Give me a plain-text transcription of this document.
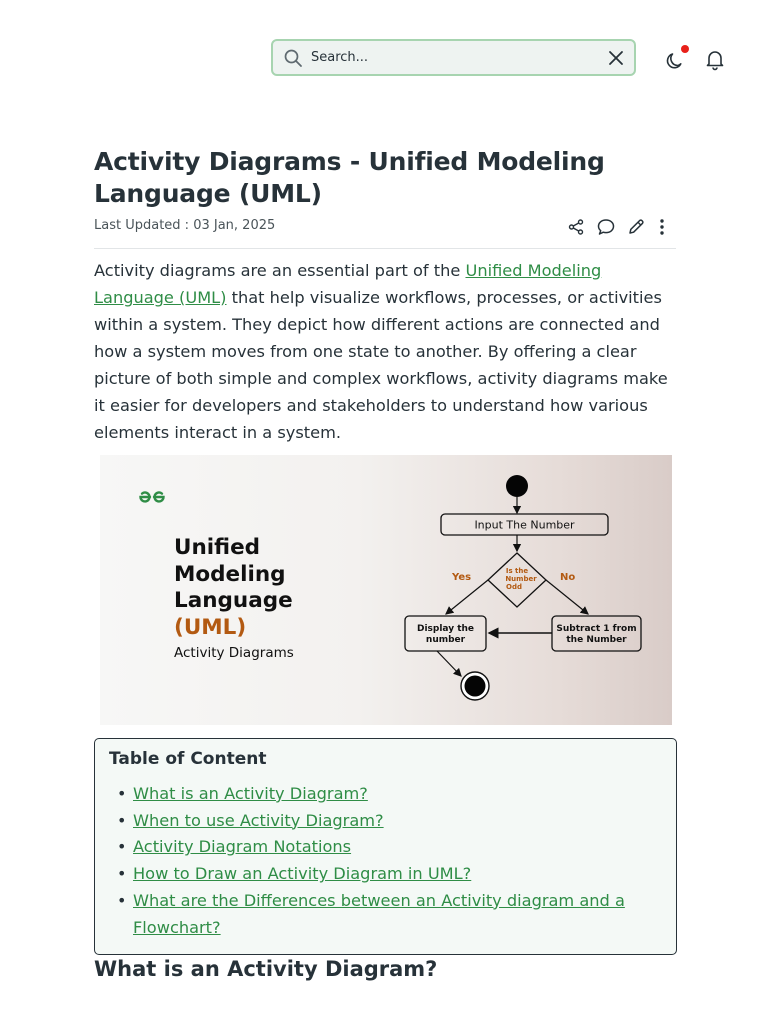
Search...
Activity Diagrams - Unified Modeling Language (UML)
Last Updated : 03 Jan, 2025

Activity diagrams are an essential part of the Unified Modeling Language (UML) that help visualize workflows, processes, or activities within a system. They depict how different actions are connected and how a system moves from one state to another. By offering a clear picture of both simple and complex workflows, activity diagrams make it easier for developers and stakeholders to understand how various elements interact in a system.

Unified
Modeling
Language
(UML)
Activity Diagrams
Input The Number
Is the
Number
Odd
Yes	No
Display the
number
Subtract 1 from
the Number
Table of Content
• What is an Activity Diagram?
• When to use Activity Diagram?
• Activity Diagram Notations
• How to Draw an Activity Diagram in UML?
• What are the Differences between an Activity diagram and a Flowchart?
What is an Activity Diagram?
